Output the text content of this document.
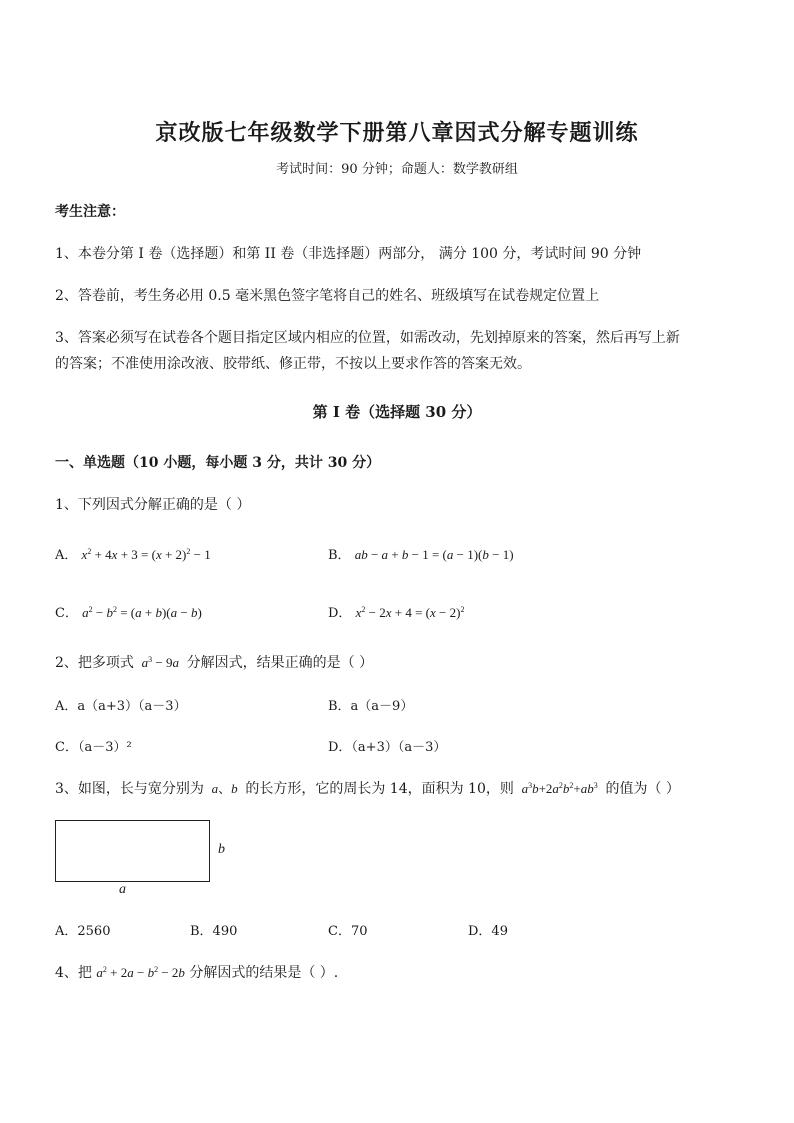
京改版七年级数学下册第八章因式分解专题训练
考试时间：90 分钟；命题人：数学教研组
考生注意：
1、本卷分第 I 卷（选择题）和第 II 卷（非选择题）两部分， 满分 100 分，考试时间 90 分钟
2、答卷前，考生务必用 0.5 毫米黑色签字笔将自己的姓名、班级填写在试卷规定位置上
3、答案必须写在试卷各个题目指定区域内相应的位置，如需改动，先划掉原来的答案，然后再写上新
的答案；不准使用涂改液、胶带纸、修正带，不按以上要求作答的答案无效。
第 I 卷（选择题 30 分）
一、单选题（10 小题，每小题 3 分，共计 30 分）
1、下列因式分解正确的是（ ）
A． $x^2 + 4x + 3 = (x + 2)^2 - 1$	B． ab − a + b − 1 = (a − 1)(b − 1)
C． $a^2 - b^2 = (a + b)(a - b)$	D． $x^2 - 2x + 4 = (x - 2)^2$
2、把多项式 $a^3 - 9a$ 分解因式，结果正确的是（ ）
A．a（a+3）（a－3）	B．a（a－9）
C．（a－3）²	D．（a+3）（a－3）
3、如图，长与宽分别为 a、b 的长方形，它的周长为 14，面积为 10，则 $a^3b+2a^2b^2+ab^3$ 的值为（ ）
b
a
A．2560	B．490	C．70	D．49
4、把 $a^2 + 2a - b^2 - 2b$ 分解因式的结果是（ ）.
